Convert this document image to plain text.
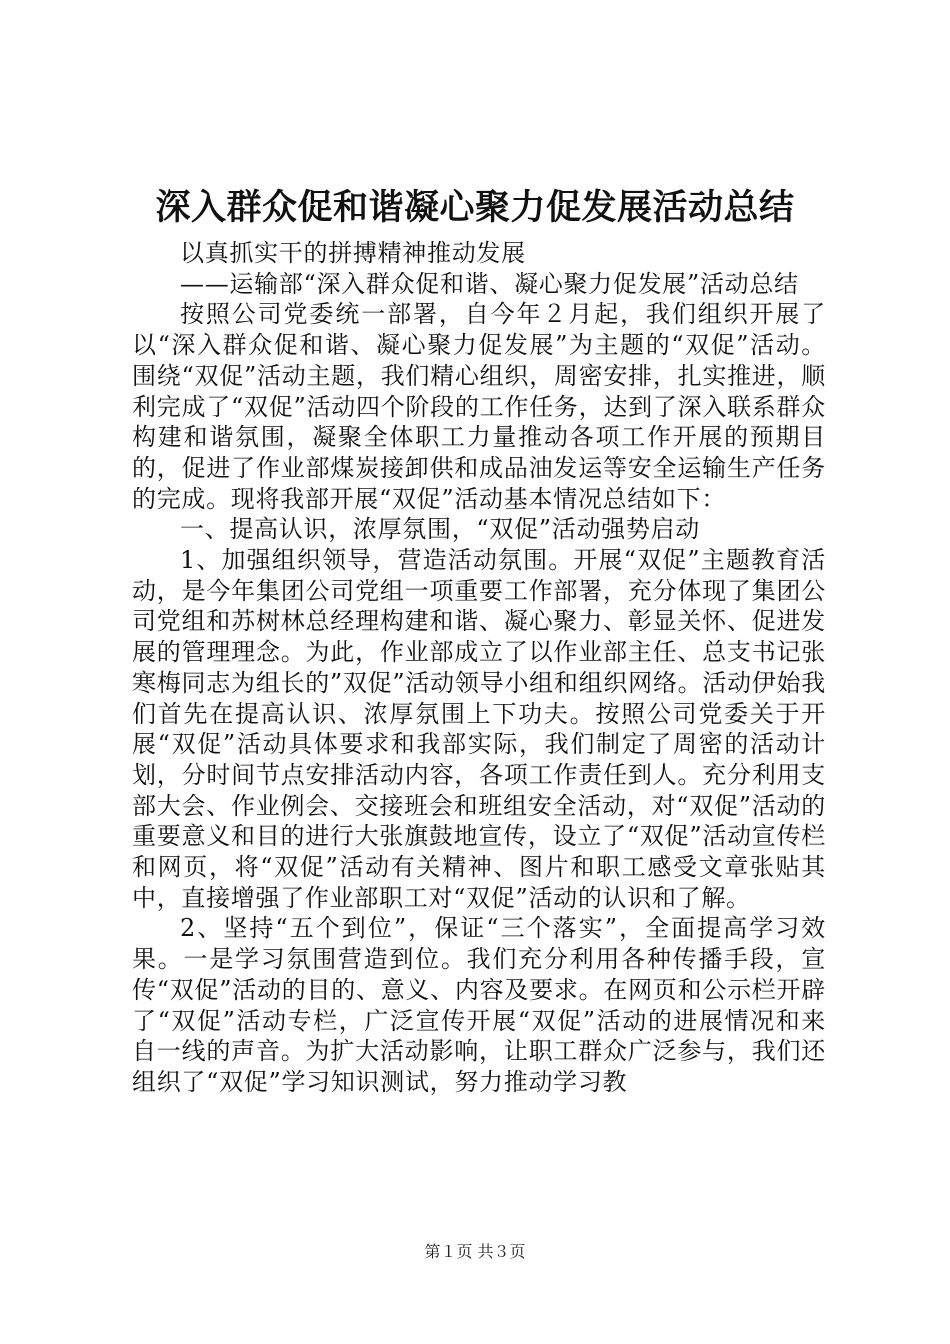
深入群众促和谐凝心聚力促发展活动总结

以真抓实干的拼搏精神推动发展

——运输部“深入群众促和谐、凝心聚力促发展”活动总结

按照公司党委统一部署，自今年２月起，我们组织开展了以“深入群众促和谐、凝心聚力促发展”为主题的“双促”活动。围绕“双促”活动主题，我们精心组织，周密安排，扎实推进，顺利完成了“双促”活动四个阶段的工作任务，达到了深入联系群众构建和谐氛围，凝聚全体职工力量推动各项工作开展的预期目的，促进了作业部煤炭接卸供和成品油发运等安全运输生产任务的完成。现将我部开展“双促”活动基本情况总结如下：

一、提高认识，浓厚氛围，“双促”活动强势启动

1、加强组织领导，营造活动氛围。开展“双促”主题教育活动，是今年集团公司党组一项重要工作部署，充分体现了集团公司党组和苏树林总经理构建和谐、凝心聚力、彰显关怀、促进发展的管理理念。为此，作业部成立了以作业部主任、总支书记张寒梅同志为组长的”双促”活动领导小组和组织网络。活动伊始我们首先在提高认识、浓厚氛围上下功夫。按照公司党委关于开展“双促”活动具体要求和我部实际，我们制定了周密的活动计划，分时间节点安排活动内容，各项工作责任到人。充分利用支部大会、作业例会、交接班会和班组安全活动，对“双促”活动的重要意义和目的进行大张旗鼓地宣传，设立了“双促”活动宣传栏和网页，将“双促”活动有关精神、图片和职工感受文章张贴其中，直接增强了作业部职工对“双促”活动的认识和了解。

2、坚持“五个到位”，保证“三个落实”，全面提高学习效果。一是学习氛围营造到位。我们充分利用各种传播手段，宣传“双促”活动的目的、意义、内容及要求。在网页和公示栏开辟了“双促”活动专栏，广泛宣传开展“双促”活动的进展情况和来自一线的声音。为扩大活动影响，让职工群众广泛参与，我们还组织了“双促”学习知识测试，努力推动学习教

第１页 共３页
